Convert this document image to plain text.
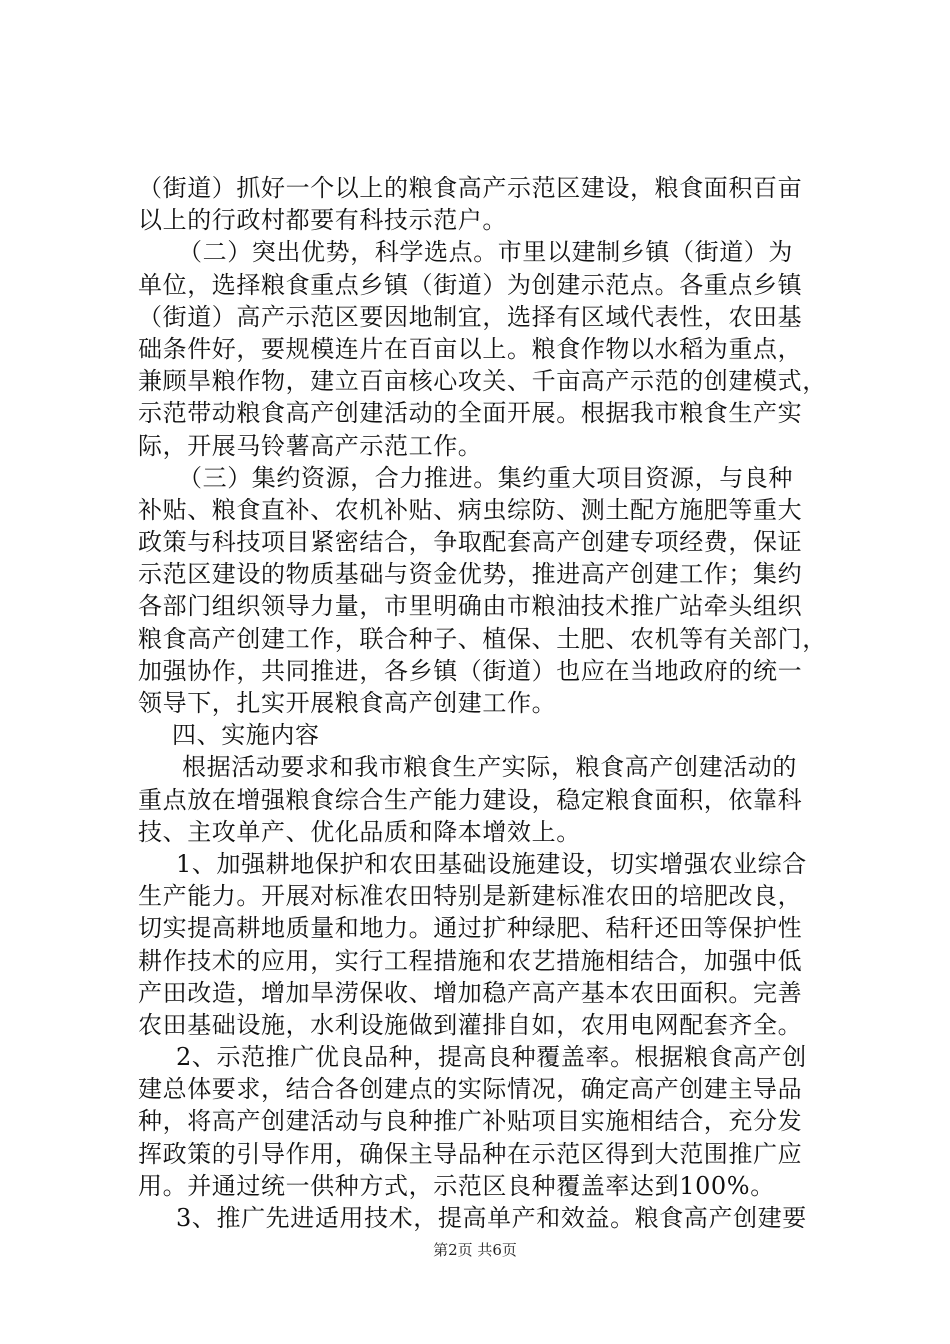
（街道）抓好一个以上的粮食高产示范区建设，粮食面积百亩
以上的行政村都要有科技示范户。
（二）突出优势，科学选点。市里以建制乡镇（街道）为
单位，选择粮食重点乡镇（街道）为创建示范点。各重点乡镇
（街道）高产示范区要因地制宜，选择有区域代表性，农田基
础条件好，要规模连片在百亩以上。粮食作物以水稻为重点，
兼顾旱粮作物，建立百亩核心攻关、千亩高产示范的创建模式，
示范带动粮食高产创建活动的全面开展。根据我市粮食生产实
际，开展马铃薯高产示范工作。
（三）集约资源，合力推进。集约重大项目资源，与良种
补贴、粮食直补、农机补贴、病虫综防、测土配方施肥等重大
政策与科技项目紧密结合，争取配套高产创建专项经费，保证
示范区建设的物质基础与资金优势，推进高产创建工作；集约
各部门组织领导力量，市里明确由市粮油技术推广站牵头组织
粮食高产创建工作，联合种子、植保、土肥、农机等有关部门，
加强协作，共同推进，各乡镇（街道）也应在当地政府的统一
领导下，扎实开展粮食高产创建工作。
四、实施内容
根据活动要求和我市粮食生产实际，粮食高产创建活动的
重点放在增强粮食综合生产能力建设，稳定粮食面积，依靠科
技、主攻单产、优化品质和降本增效上。
1、加强耕地保护和农田基础设施建设，切实增强农业综合
生产能力。开展对标准农田特别是新建标准农田的培肥改良，
切实提高耕地质量和地力。通过扩种绿肥、秸秆还田等保护性
耕作技术的应用，实行工程措施和农艺措施相结合，加强中低
产田改造，增加旱涝保收、增加稳产高产基本农田面积。完善
农田基础设施，水利设施做到灌排自如，农用电网配套齐全。
2、示范推广优良品种，提高良种覆盖率。根据粮食高产创
建总体要求，结合各创建点的实际情况，确定高产创建主导品
种，将高产创建活动与良种推广补贴项目实施相结合，充分发
挥政策的引导作用，确保主导品种在示范区得到大范围推广应
用。并通过统一供种方式，示范区良种覆盖率达到100%。
3、推广先进适用技术，提高单产和效益。粮食高产创建要
第2页 共6页
